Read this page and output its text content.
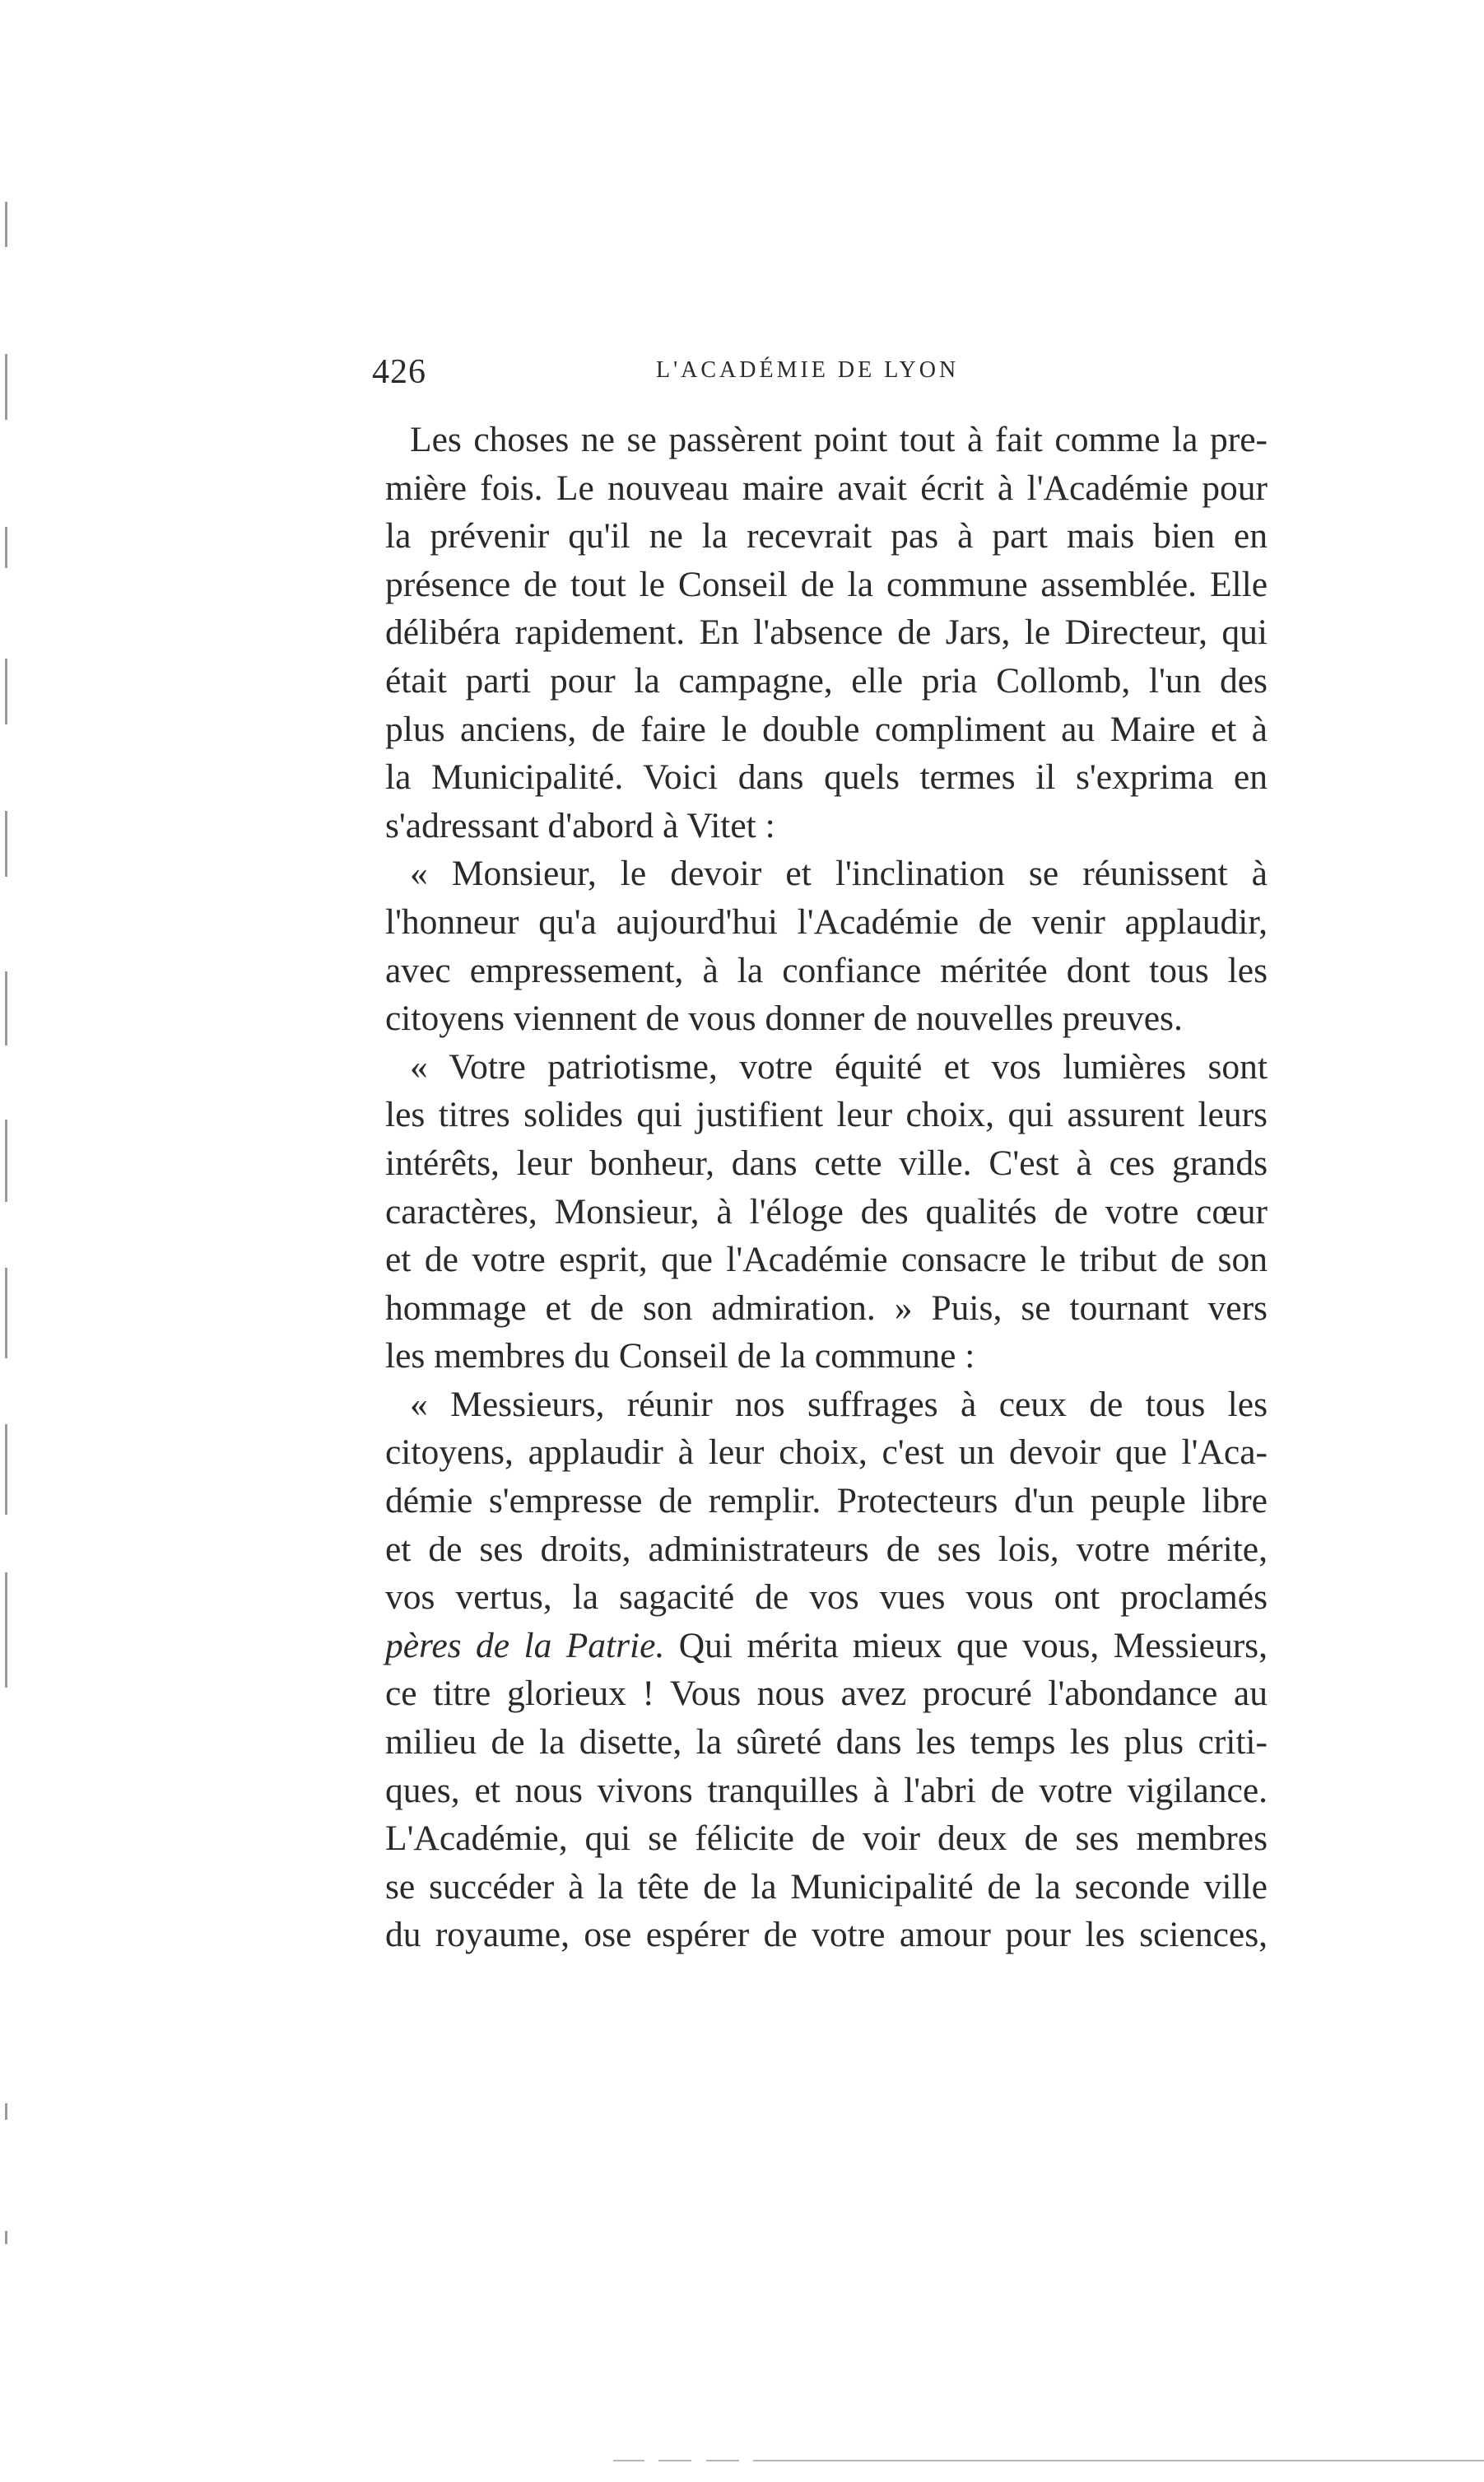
426	L'ACADÉMIE DE LYON
Les choses ne se passèrent point tout à fait comme la pre-
mière fois. Le nouveau maire avait écrit à l'Académie pour
la prévenir qu'il ne la recevrait pas à part mais bien en
présence de tout le Conseil de la commune assemblée. Elle
délibéra rapidement. En l'absence de Jars, le Directeur, qui
était parti pour la campagne, elle pria Collomb, l'un des
plus anciens, de faire le double compliment au Maire et à
la Municipalité. Voici dans quels termes il s'exprima en
s'adressant d'abord à Vitet :
« Monsieur, le devoir et l'inclination se réunissent à
l'honneur qu'a aujourd'hui l'Académie de venir applaudir,
avec empressement, à la confiance méritée dont tous les
citoyens viennent de vous donner de nouvelles preuves.
« Votre patriotisme, votre équité et vos lumières sont
les titres solides qui justifient leur choix, qui assurent leurs
intérêts, leur bonheur, dans cette ville. C'est à ces grands
caractères, Monsieur, à l'éloge des qualités de votre cœur
et de votre esprit, que l'Académie consacre le tribut de son
hommage et de son admiration. » Puis, se tournant vers
les membres du Conseil de la commune :
« Messieurs, réunir nos suffrages à ceux de tous les
citoyens, applaudir à leur choix, c'est un devoir que l'Aca-
démie s'empresse de remplir. Protecteurs d'un peuple libre
et de ses droits, administrateurs de ses lois, votre mérite,
vos vertus, la sagacité de vos vues vous ont proclamés
pères de la Patrie. Qui mérita mieux que vous, Messieurs,
ce titre glorieux ! Vous nous avez procuré l'abondance au
milieu de la disette, la sûreté dans les temps les plus criti-
ques, et nous vivons tranquilles à l'abri de votre vigilance.
L'Académie, qui se félicite de voir deux de ses membres
se succéder à la tête de la Municipalité de la seconde ville
du royaume, ose espérer de votre amour pour les sciences,
